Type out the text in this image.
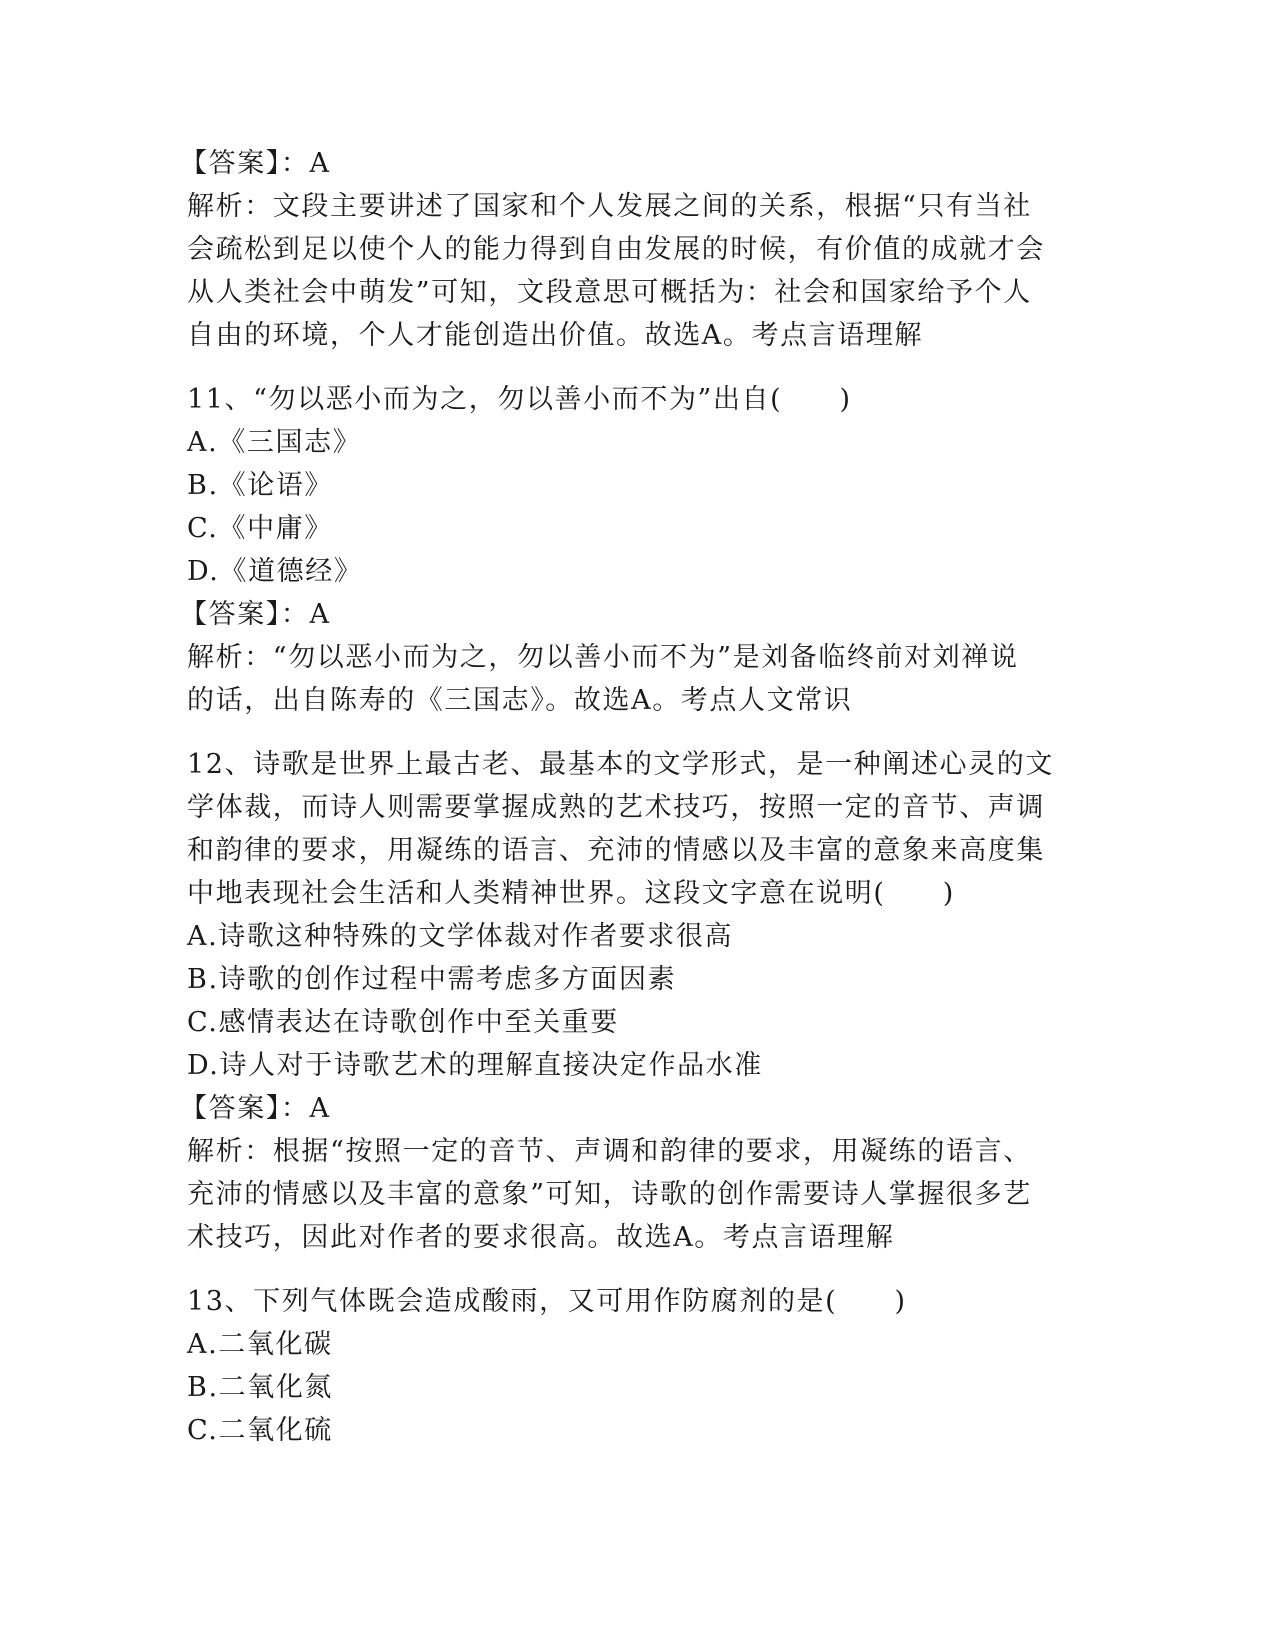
【答案】：A

解析：文段主要讲述了国家和个人发展之间的关系，根据“只有当社

会疏松到足以使个人的能力得到自由发展的时候，有价值的成就才会

从人类社会中萌发”可知，文段意思可概括为：社会和国家给予个人

自由的环境，个人才能创造出价值。故选A。考点言语理解

11、“勿以恶小而为之，勿以善小而不为”出自(　　)

A.《三国志》

B.《论语》

C.《中庸》

D.《道德经》

【答案】：A

解析：“勿以恶小而为之，勿以善小而不为”是刘备临终前对刘禅说

的话，出自陈寿的《三国志》。故选A。考点人文常识

12、诗歌是世界上最古老、最基本的文学形式，是一种阐述心灵的文

学体裁，而诗人则需要掌握成熟的艺术技巧，按照一定的音节、声调

和韵律的要求，用凝练的语言、充沛的情感以及丰富的意象来高度集

中地表现社会生活和人类精神世界。这段文字意在说明(　　)

A.诗歌这种特殊的文学体裁对作者要求很高

B.诗歌的创作过程中需考虑多方面因素

C.感情表达在诗歌创作中至关重要

D.诗人对于诗歌艺术的理解直接决定作品水准

【答案】：A

解析：根据“按照一定的音节、声调和韵律的要求，用凝练的语言、

充沛的情感以及丰富的意象”可知，诗歌的创作需要诗人掌握很多艺

术技巧，因此对作者的要求很高。故选A。考点言语理解

13、下列气体既会造成酸雨，又可用作防腐剂的是(　　)

A.二氧化碳

B.二氧化氮

C.二氧化硫
